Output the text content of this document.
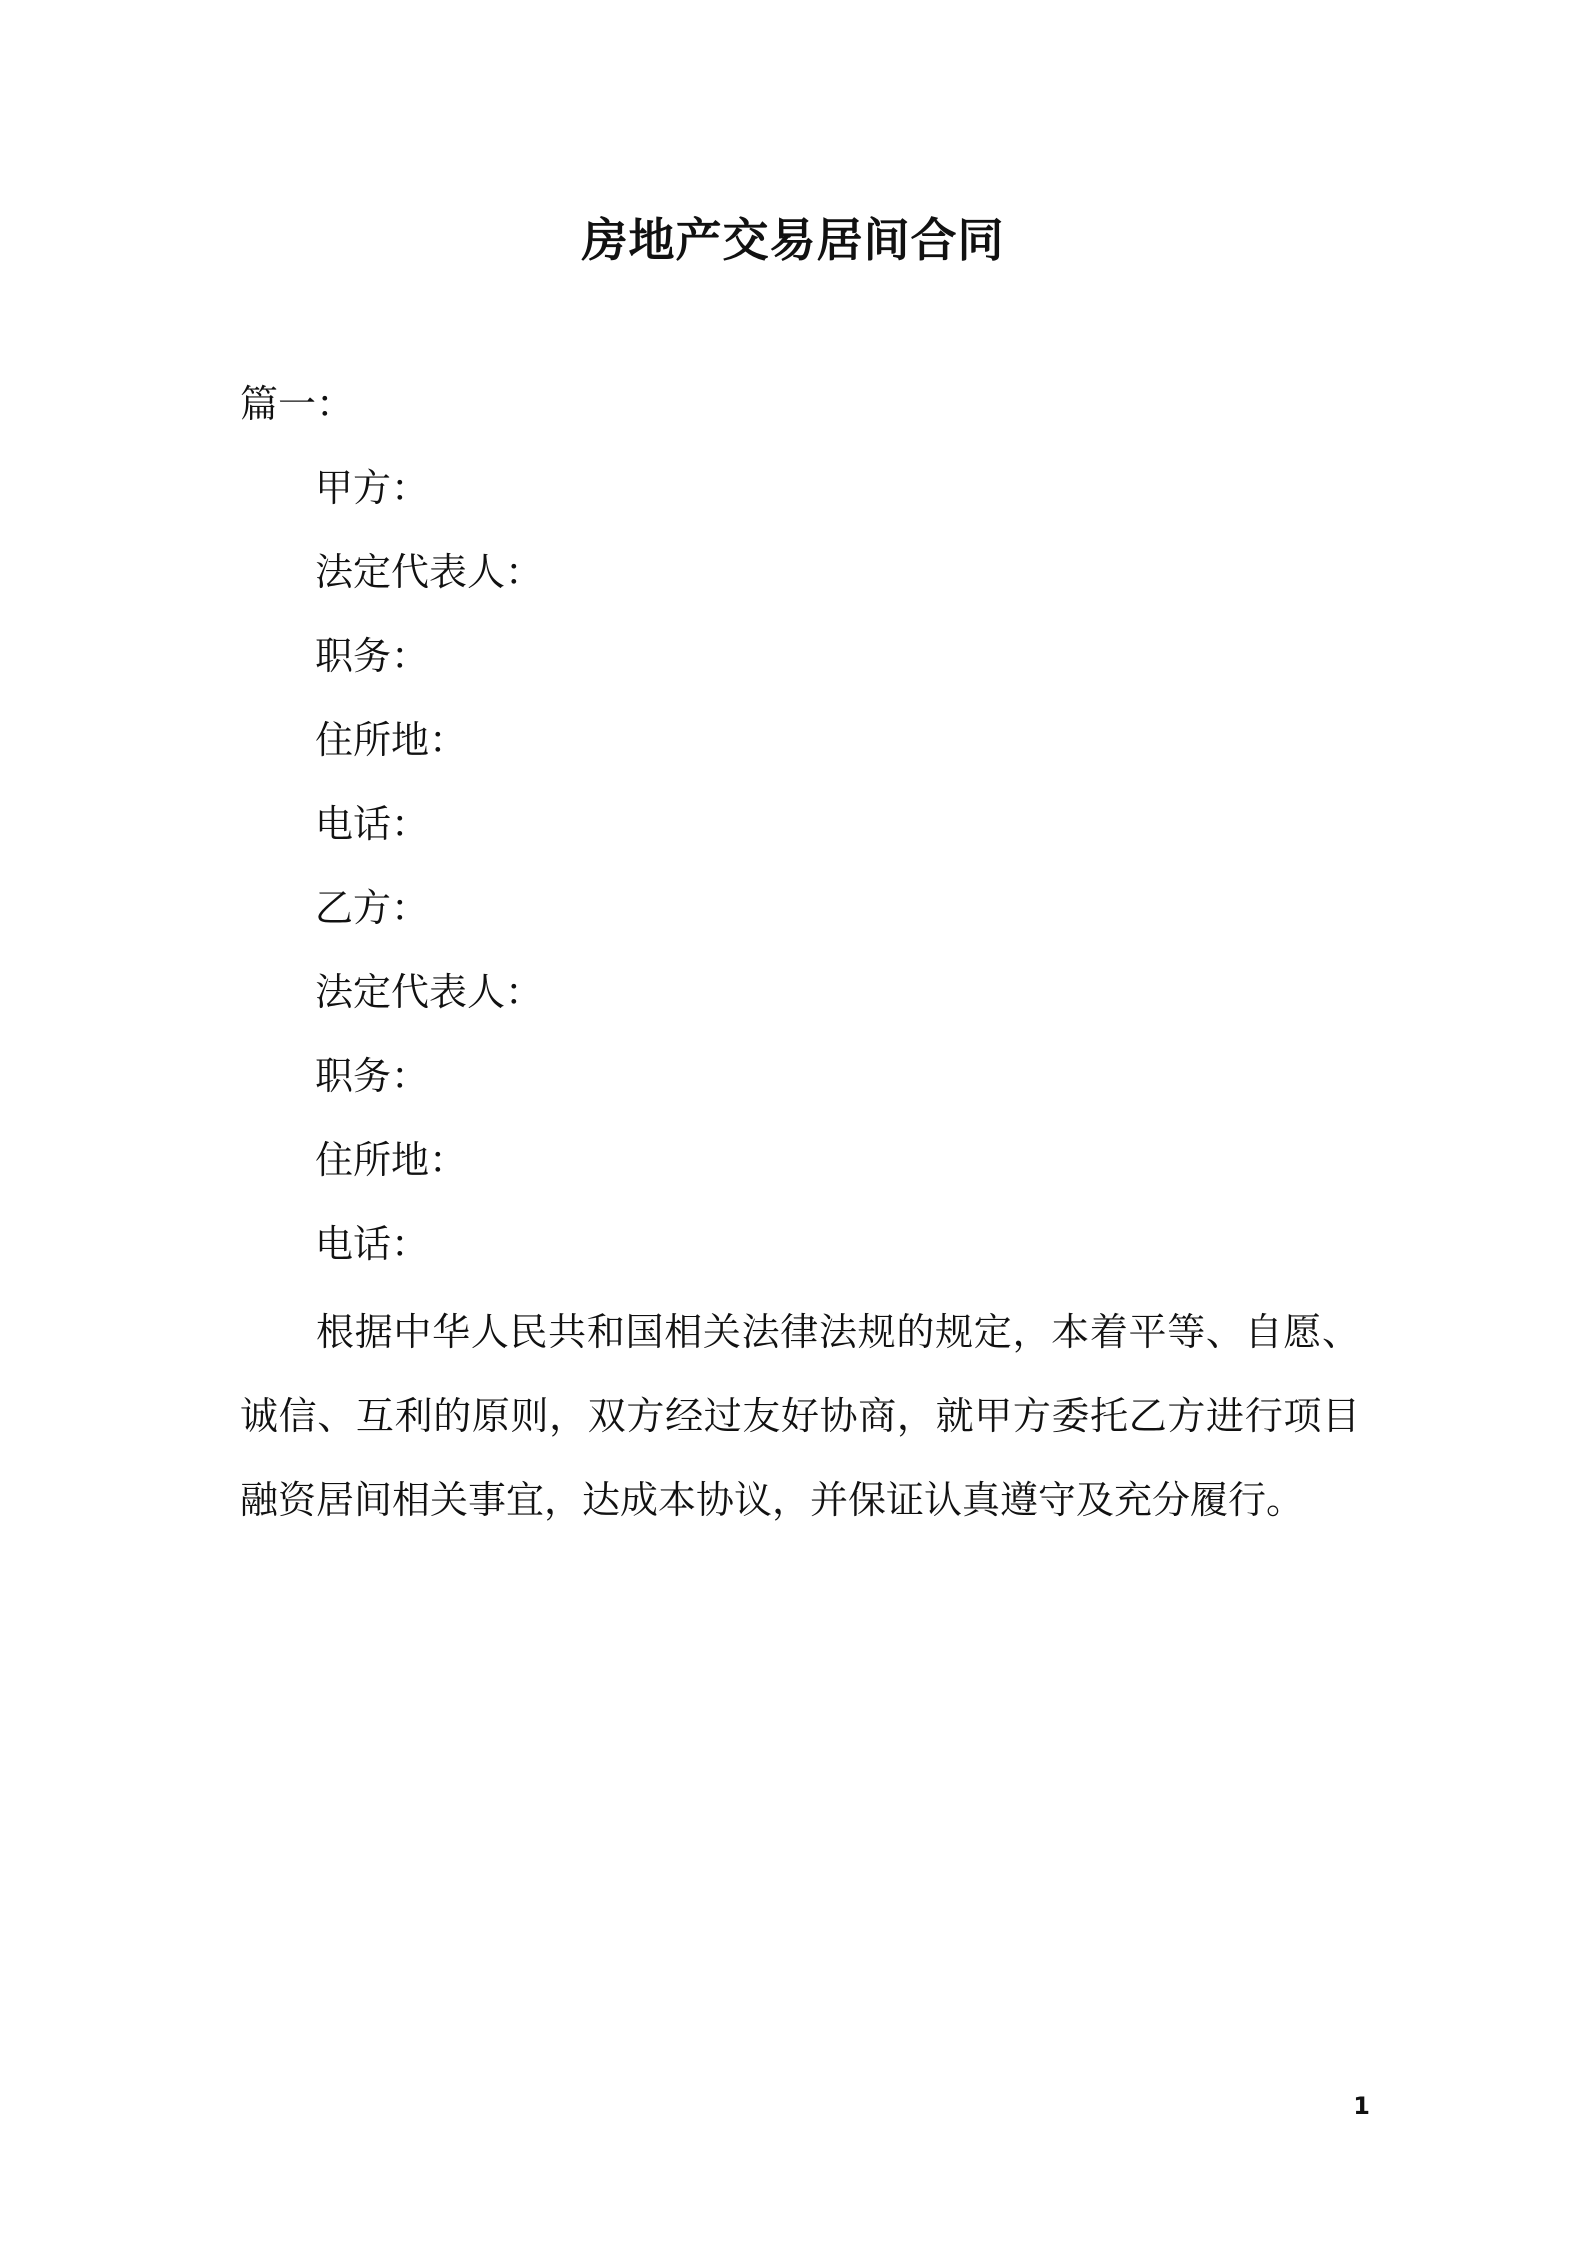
房地产交易居间合同
篇一：
甲方：
法定代表人：
职务：
住所地：
电话：
乙方：
法定代表人：
职务：
住所地：
电话：

根据中华人民共和国相关法律法规的规定，本着平等、自愿、诚信、互利的原则，双方经过友好协商，就甲方委托乙方进行项目融资居间相关事宜，达成本协议，并保证认真遵守及充分履行。

1
